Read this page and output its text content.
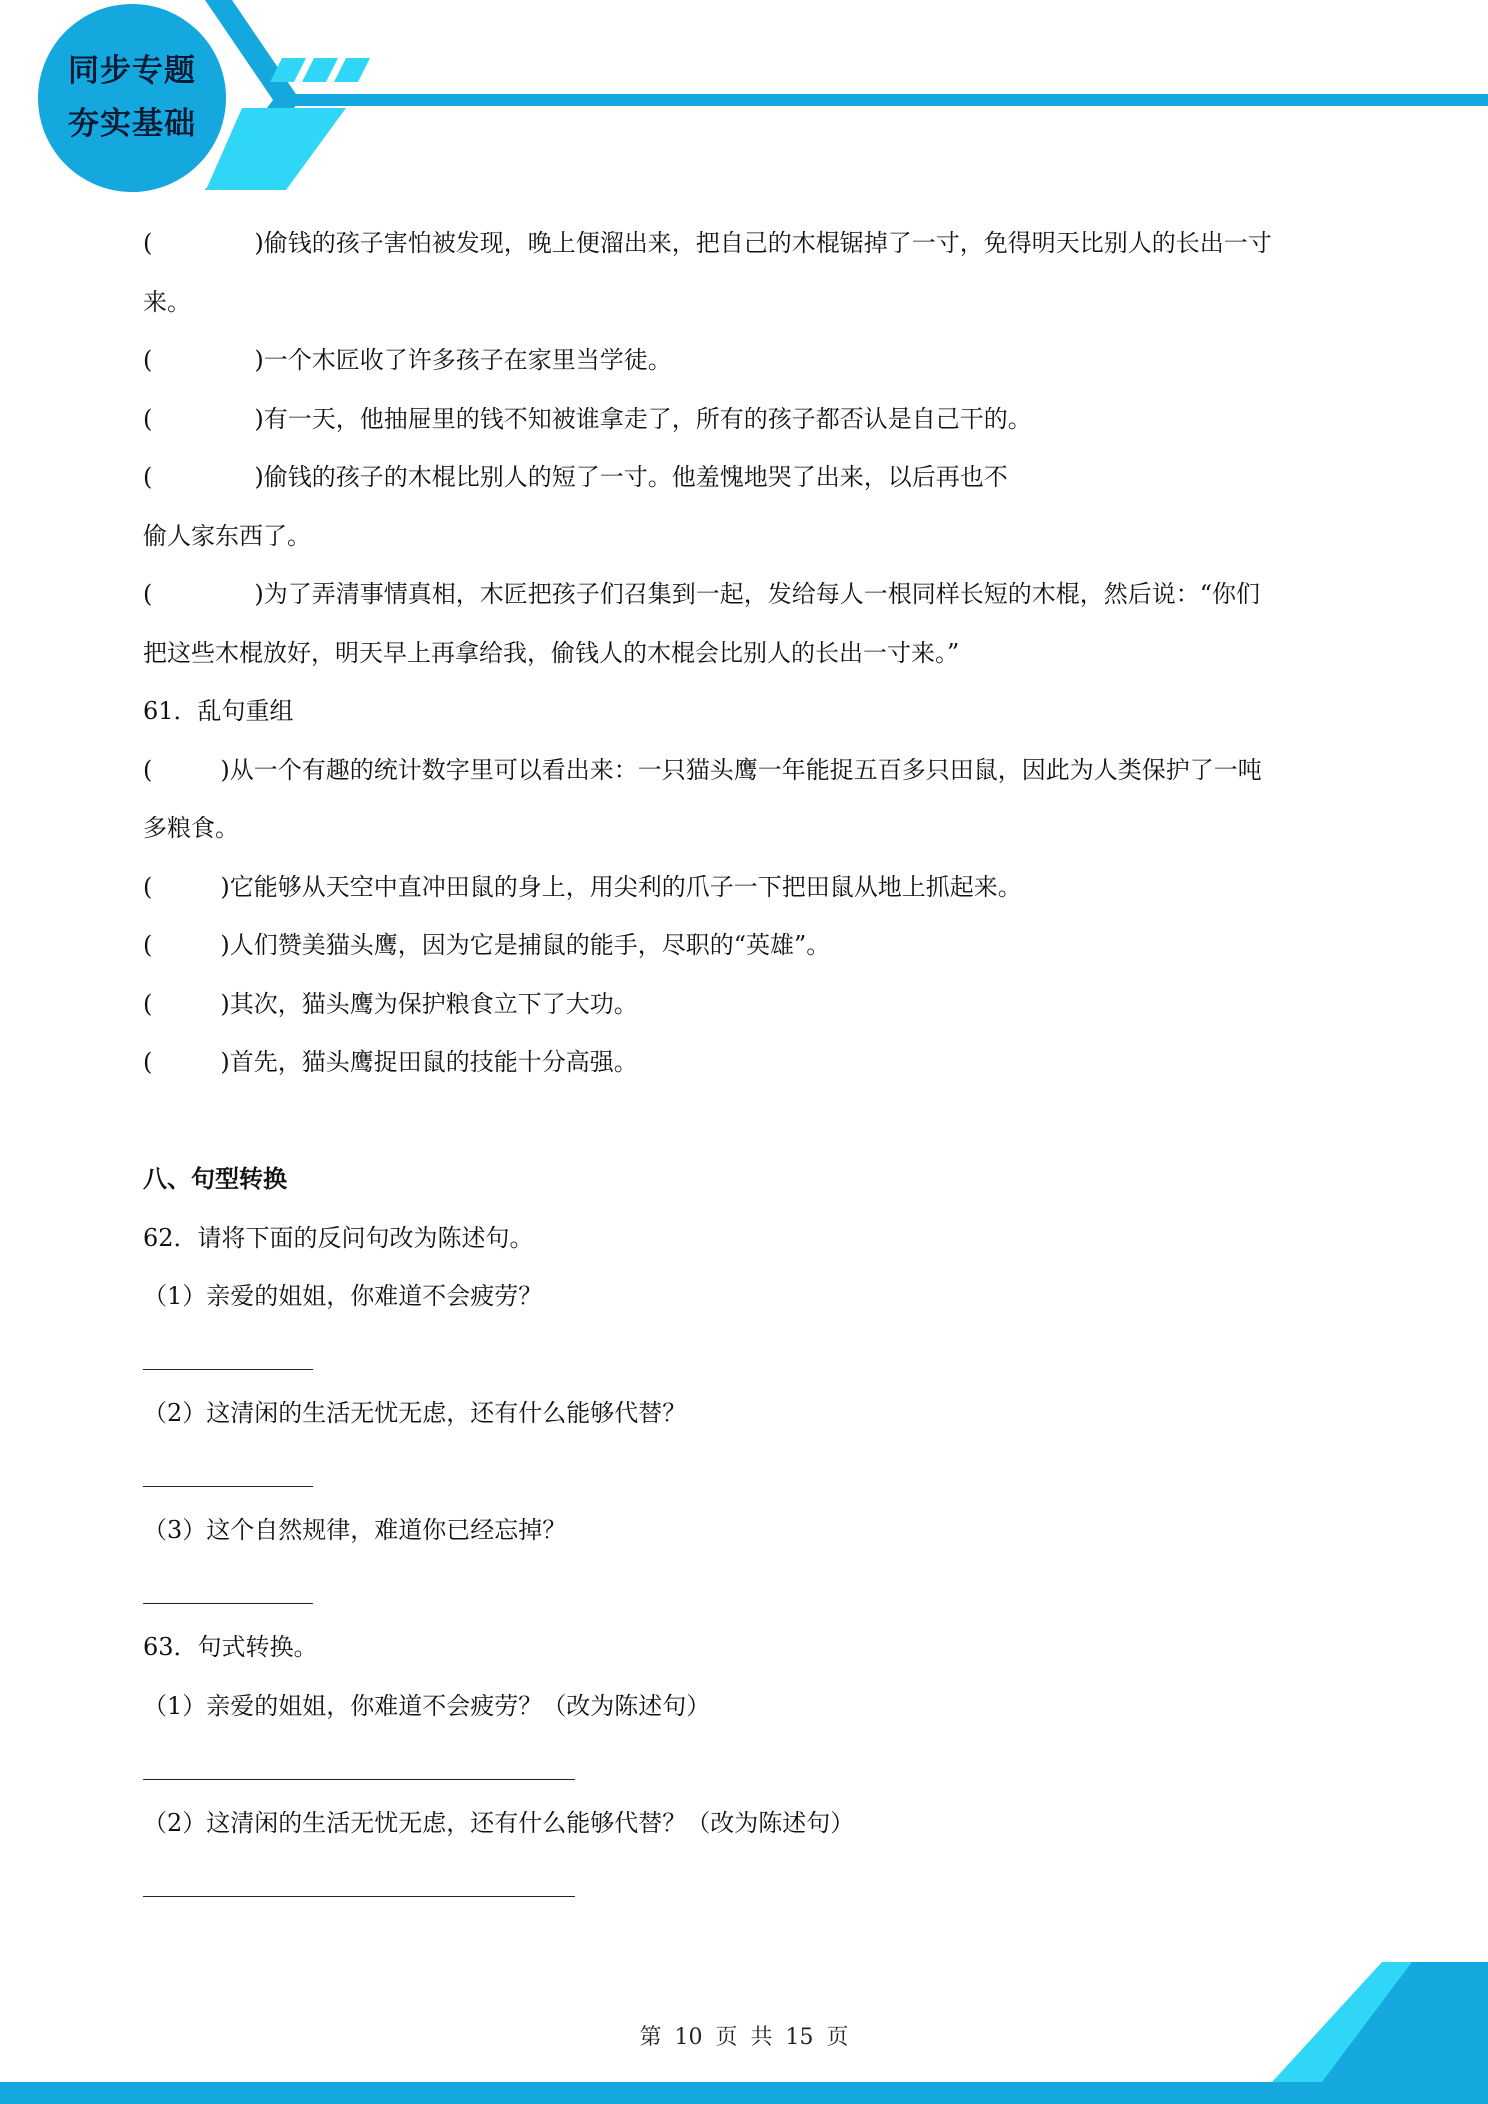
同步专题
夯实基础
(	)偷钱的孩子害怕被发现，晚上便溜出来，把自己的木棍锯掉了一寸，免得明天比别人的长出一寸
来。
(	)一个木匠收了许多孩子在家里当学徒。
(	)有一天，他抽屉里的钱不知被谁拿走了，所有的孩子都否认是自己干的。
(	)偷钱的孩子的木棍比别人的短了一寸。他羞愧地哭了出来，以后再也不
偷人家东西了。
(	)为了弄清事情真相，木匠把孩子们召集到一起，发给每人一根同样长短的木棍，然后说：“你们
把这些木棍放好，明天早上再拿给我，偷钱人的木棍会比别人的长出一寸来。”
61．乱句重组
(	)从一个有趣的统计数字里可以看出来：一只猫头鹰一年能捉五百多只田鼠，因此为人类保护了一吨
多粮食。
(	)它能够从天空中直冲田鼠的身上，用尖利的爪子一下把田鼠从地上抓起来。
(	)人们赞美猫头鹰，因为它是捕鼠的能手，尽职的“英雄”。
(	)其次，猫头鹰为保护粮食立下了大功。
(	)首先，猫头鹰捉田鼠的技能十分高强。
八、句型转换
62．请将下面的反问句改为陈述句。
（1）亲爱的姐姐，你难道不会疲劳？
（2）这清闲的生活无忧无虑，还有什么能够代替？
（3）这个自然规律，难道你已经忘掉？
63．句式转换。
（1）亲爱的姐姐，你难道不会疲劳？（改为陈述句）
（2）这清闲的生活无忧无虑，还有什么能够代替？（改为陈述句）
第 10 页 共 15 页
